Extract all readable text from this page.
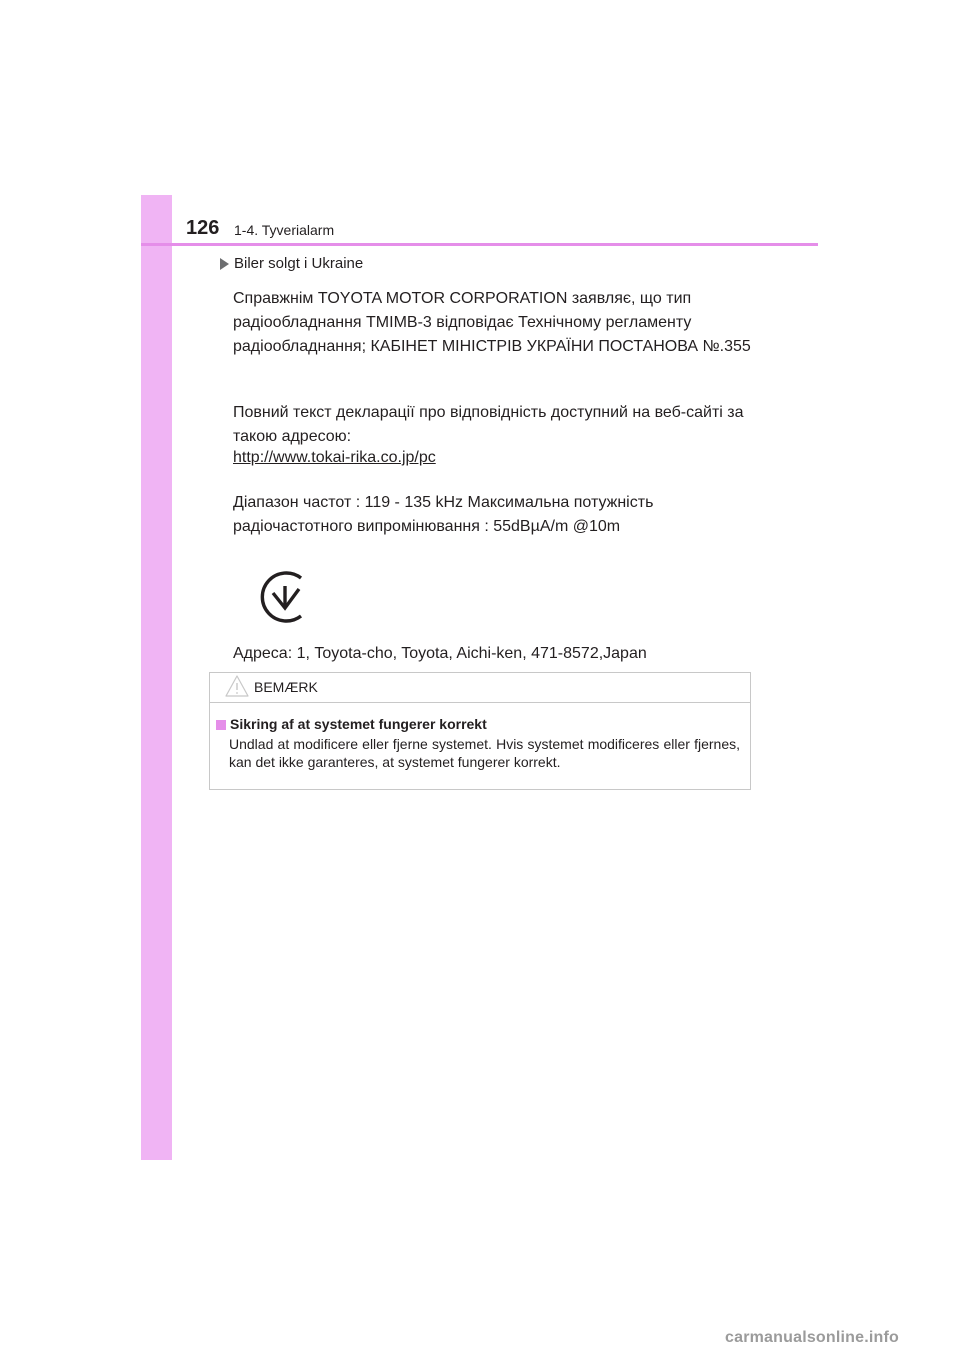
126 1-4. Tyverialarm
Biler solgt i Ukraine

Справжнім TOYOTA MOTOR CORPORATION заявляє, що тип радіообладнання TMIMB-3 відповідає Технічному регламенту радіообладнання; КАБІНЕТ МІНІСТРІВ УКРАЇНИ ПОСТАНОВА №.355

Повний текст декларації про відповідність доступний на веб-сайті за такою адресою:

http://www.tokai-rika.co.jp/pc

Діапазон частот : 119 - 135 kHz Максимальна потужність радіочастотного випромінювання : 55dBµA/m @10m

Адреса: 1, Toyota-cho, Toyota, Aichi-ken, 471-8572,Japan

BEMÆRK
Sikring af at systemet fungerer korrekt

Undlad at modificere eller fjerne systemet. Hvis systemet modificeres eller fjernes, kan det ikke garanteres, at systemet fungerer korrekt.

carmanualsonline.info
